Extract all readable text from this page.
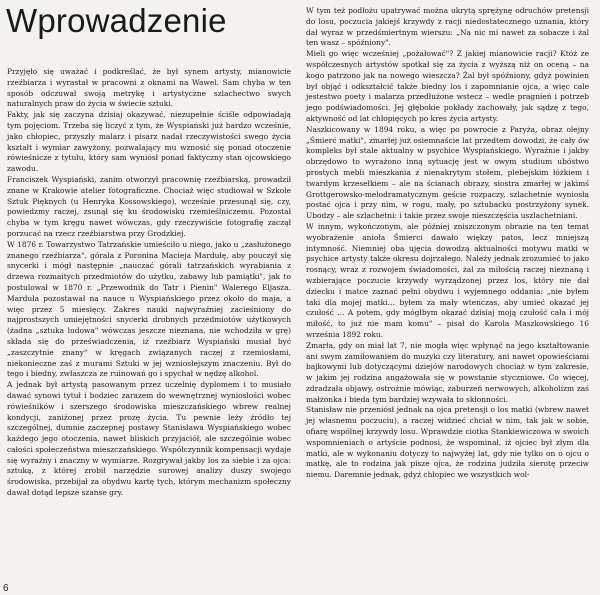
Wprowadzenie

Przyjęło się uważać i podkreślać, że był synem artysty, mianowicie rzeźbiarza i wyrastał w pracowni z oknami na Wawel. Sam chyba w ten sposób odczuwał swoją metrykę i artystyczne szlachectwo swych naturalnych praw do życia w świecie sztuki.

Fakty, jak się zaczyna dzisiaj okazywać, niezupełnie ściśle odpowiadają tym pojęciom. Trzeba się liczyć z tym, że Wyspiański już bardzo wcześnie, jako chłopiec, przyszły malarz i pisarz nadał rzeczywistości swego życia kształt i wymiar zawyżony, pozwalający mu wznosić się ponad otoczenie rówieśnicze z tytułu, który sam wyniósł ponad faktyczny stan ojcowskiego zawodu.

Franciszek Wyspiański, zanim otworzył pracownię rzeźbiarską, prowadził znane w Krakowie atelier fotograficzne. Chociaż więc studiował w Szkole Sztuk Pięknych (u Henryka Kossowskiego), wcześnie przesunął się, czy, powiedzmy raczej, zsunął się ku środowisku rzemieślniczemu. Pozostał chyba w tym kręgu nawet wówczas, gdy rzeczywiście fotografię zaczął porzucać na rzecz rzeźbiarstwa przy Grodzkiej.

W 1876 r. Towarzystwo Tatrzańskie umieściło u niego, jako u „zasłużonego znanego rzeźbiarza", górala z Poronina Macieja Mardułę, aby pouczył się snycerki i mógł następnie „nauczać górali tatrzańskich wyrabiania z drzewa rozmaitych przedmiotów do użytku, zabawy lub pamiątki", jak to postulował w 1870 r. „Przewodnik do Tatr i Pienin" Walerego Eljasza. Marduła pozostawał na nauce u Wyspiańskiego przez około do maja, a więc przez 5 miesięcy. Zakres nauki najwyraźniej zacieśniony do najprostszych umiejętności snycerki drobnych przedmiotów użytkowych (żadna „sztuka ludowa" wówczas jeszcze nieznana, nie wchodziła w grę) składa się do przeświadczenia, iż rzeźbiarz Wyspiański musiał być „zaszczytnie znany" w kręgach związanych raczej z rzemiosłami, niekonieczne zaś z murami Sztuki w jej wzniosłejszym znaczeniu. Był do tego i biedny, zwłaszcza ze ruinowań go i spychał w nędzę alkohol.

A jednak był artystą pasowanym przez uczelnię dyplomem i to musiało dawać synowi tytuł i bodziec zarazem do wewnętrznej wyniosłości wobec rówieśników i szerszego środowiska mieszczańskiego wbrew realnej kondycji, zaniżonej przez prozę życia. Tu pewnie leży źródło tej szczególnej, dumnie zaczepnej postawy Stanisława Wyspiańskiego wobec każdego jego otoczenia, nawet bliskich przyjaciół, ale szczególnie wobec całości społeczeństwa mieszczańskiego. Współczynnik kompensacji wydaje się wyraźny i znaczny w wymiarze. Rozgrywał jakby los za siebie i za ojca: sztuką, z której zrobił narzędzie surowej analizy duszy swojego środowiska, przebijał za obydwu kartę tych, którym mechanizm społeczny dawał dotąd lepsze szanse gry.

W tym też podłożu upatrywać można ukrytą sprężynę odruchów pretensji do losu, poczucia jakiejś krzywdy z racji niedostatecznego uznania, który dał wyraz w przedśmiertnym wierszu: „Na nic mi nawet za sobacze i żal ten wasz – spóźniony".

Mieli go więc wcześniej „pożałować"? Z jakiej mianowicie racji? Któż ze współczesnych artystów spotkał się za życia z wyższą niż on oceną – na kogo patrzono jak na nowego wieszcza? Żal był spóźniony, gdyż powinien był objąć i odkształcić także biedny los i zapomnianie ojca, a więc cale jestestwo poety i malarza przedłużone wstecz – wedle pragnień i potrzeb jego podświadomości. Jej głębokie pokłady zachowały, jak sądzę z tego, aktywność od lat chłopięcych po kres życia artysty.

Naszkicowany w 1894 roku, a więc po powrocie z Paryża, obraz olejny „Śmierć matki", zmarłej już osiemnaście lat przedtem dowodzi, że cały ów kompleks był stale aktualny w psychice Wyspiańskiego. Wyraźnie i jakby obrzędowo to wyrażono inną sytuację jest w owym studium ubóstwo prostych mebli mieszkania z nienakrytym stołem, plebejskim łóżkiem i twardym krzesełkiem – ale na ścianach obrazy, siostra zmarłej w jakimś Grottgerowsko-melodramatycznym geście rozpaczy, szlachetnie wyniosła postać ojca i przy nim, w rogu, mały, po sztubacku postrzyżony synek. Ubodzy – ale szlachetni: i takie przez swoje nieszczęścia uszlachetniani.

W innym, wykończonym, ale później zniszczonym obrazie na ten temat wyobrażenie anioła Śmierci dawało więkzy patos, lecz mniejszą intymność. Niemniej oba ujęcia dowodzą aktualności motywu matki w psychice artysty także okresu dojrzałego. Należy jednak zrozumieć to jako rosnący, wraz z rozwojem świadomości, żal za miłością raczej nieznaną i wzbierające poczucie krzywdy wyrządzonej przez los, który nie dał dziecku i matce zaznać pełni obydwu i wyjemnego oddania: „nie byłem taki dla mojej matki… byłem za mały wtenczas, aby umieć okazać jej czułość … A potem, gdy mógłbym okazać dzisiaj moją czułość cała i mój miłość, to już nie mam komu" – pisał do Karola Maszkowskiego 16 września 1892 roku.

Zmarła, gdy on miał lat 7, nie mogła więc wpłynąć na jego kształtowanie ani swym zamiłowaniem do muzyki czy literatury, ani nawet opowieściami bajkowymi lub dotyczącymi dziejów narodowych chociaż w tym zakresie, w jakim jej rodzina angażowała się w powstanie styczniowe. Co więcej, zdradzała objawy, ostrożnie mówiąc, zaburzeń nerwowych, alkoholizm zaś małżonka i bieda tym bardziej wzywała to skłonności.

Stanisław nie przeniósł jednak na ojca pretensji o los matki (wbrew nawet jej własnemu poczuciu), a raczej widzieć chciał w nim, tak jak w sobie, ofiarę wspólnej krzywdy losu. Wprawdzie ciotka Stankiewiczowa w swoich wspomnieniach o artyście podnosi, że wspominał, iż ojciec był złym dla matki, ale w wykonaniu dotyczy to najwyżej lat, gdy nie tylko on o ojcu o matkę, ale to rodzina jak pisze ojca, że rodzina judziła sierotę przeciw niemu. Daremnie jednak, gdyż chłopiec we wszystkich wol-

6
